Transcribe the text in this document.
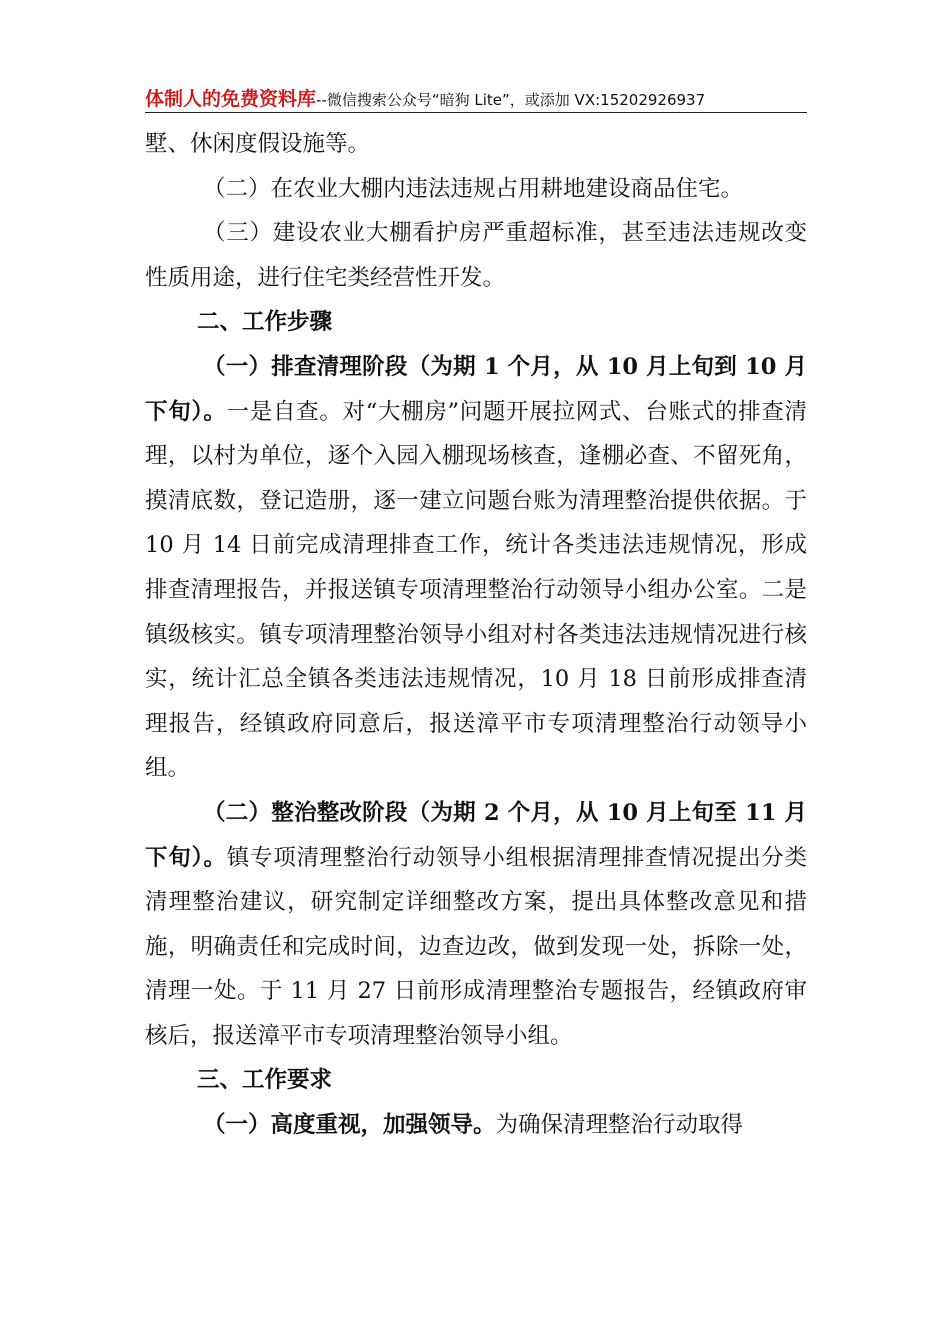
体制人的免费资料库--微信搜索公众号“暗狗 Lite”，或添加 VX:15202926937

墅、休闲度假设施等。

（二）在农业大棚内违法违规占用耕地建设商品住宅。

（三）建设农业大棚看护房严重超标准，甚至违法违规改变性质用途，进行住宅类经营性开发。

二、工作步骤

（一）排查清理阶段（为期 1 个月，从 10 月上旬到 10 月下旬）。一是自查。对“大棚房”问题开展拉网式、台账式的排查清理，以村为单位，逐个入园入棚现场核查，逢棚必查、不留死角，摸清底数，登记造册，逐一建立问题台账为清理整治提供依据。于 10 月 14 日前完成清理排查工作，统计各类违法违规情况，形成排查清理报告，并报送镇专项清理整治行动领导小组办公室。二是镇级核实。镇专项清理整治领导小组对村各类违法违规情况进行核实，统计汇总全镇各类违法违规情况，10 月 18 日前形成排查清理报告，经镇政府同意后，报送漳平市专项清理整治行动领导小组。

（二）整治整改阶段（为期 2 个月，从 10 月上旬至 11 月下旬）。镇专项清理整治行动领导小组根据清理排查情况提出分类清理整治建议，研究制定详细整改方案，提出具体整改意见和措施，明确责任和完成时间，边查边改，做到发现一处，拆除一处，清理一处。于 11 月 27 日前形成清理整治专题报告，经镇政府审核后，报送漳平市专项清理整治领导小组。

三、工作要求

（一）高度重视，加强领导。为确保清理整治行动取得
